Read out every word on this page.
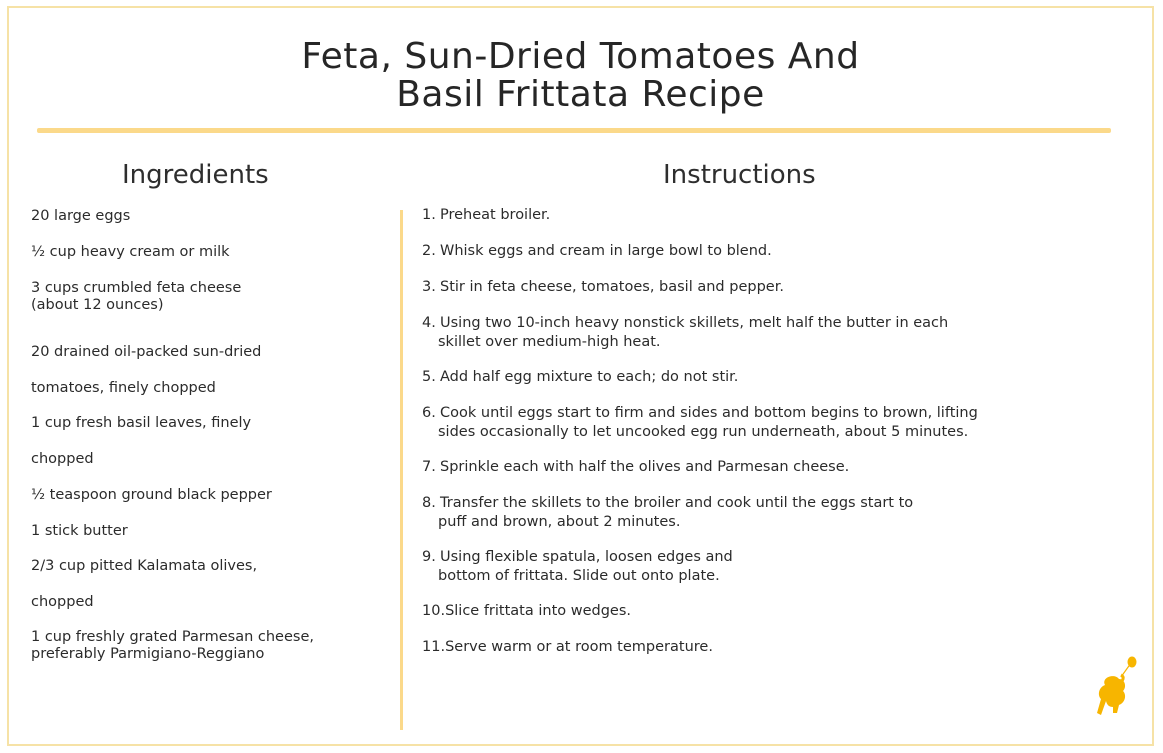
Feta, Sun-Dried Tomatoes And
Basil Frittata Recipe
Ingredients	Instructions
20 large eggs
½ cup heavy cream or milk
3 cups crumbled feta cheese
(about 12 ounces)
20 drained oil-packed sun-dried
tomatoes, finely chopped
1 cup fresh basil leaves, finely
chopped
½ teaspoon ground black pepper
1 stick butter
2/3 cup pitted Kalamata olives,
chopped
1 cup freshly grated Parmesan cheese,
preferably Parmigiano-Reggiano
1. Preheat broiler.
2. Whisk eggs and cream in large bowl to blend.
3. Stir in feta cheese, tomatoes, basil and pepper.
4. Using two 10-inch heavy nonstick skillets, melt half the butter in each
skillet over medium-high heat.
5. Add half egg mixture to each; do not stir.
6. Cook until eggs start to firm and sides and bottom begins to brown, lifting
sides occasionally to let uncooked egg run underneath, about 5 minutes.
7. Sprinkle each with half the olives and Parmesan cheese.
8. Transfer the skillets to the broiler and cook until the eggs start to
puff and brown, about 2 minutes.
9. Using flexible spatula, loosen edges and
bottom of frittata. Slide out onto plate.
10.Slice frittata into wedges.
11.Serve warm or at room temperature.
